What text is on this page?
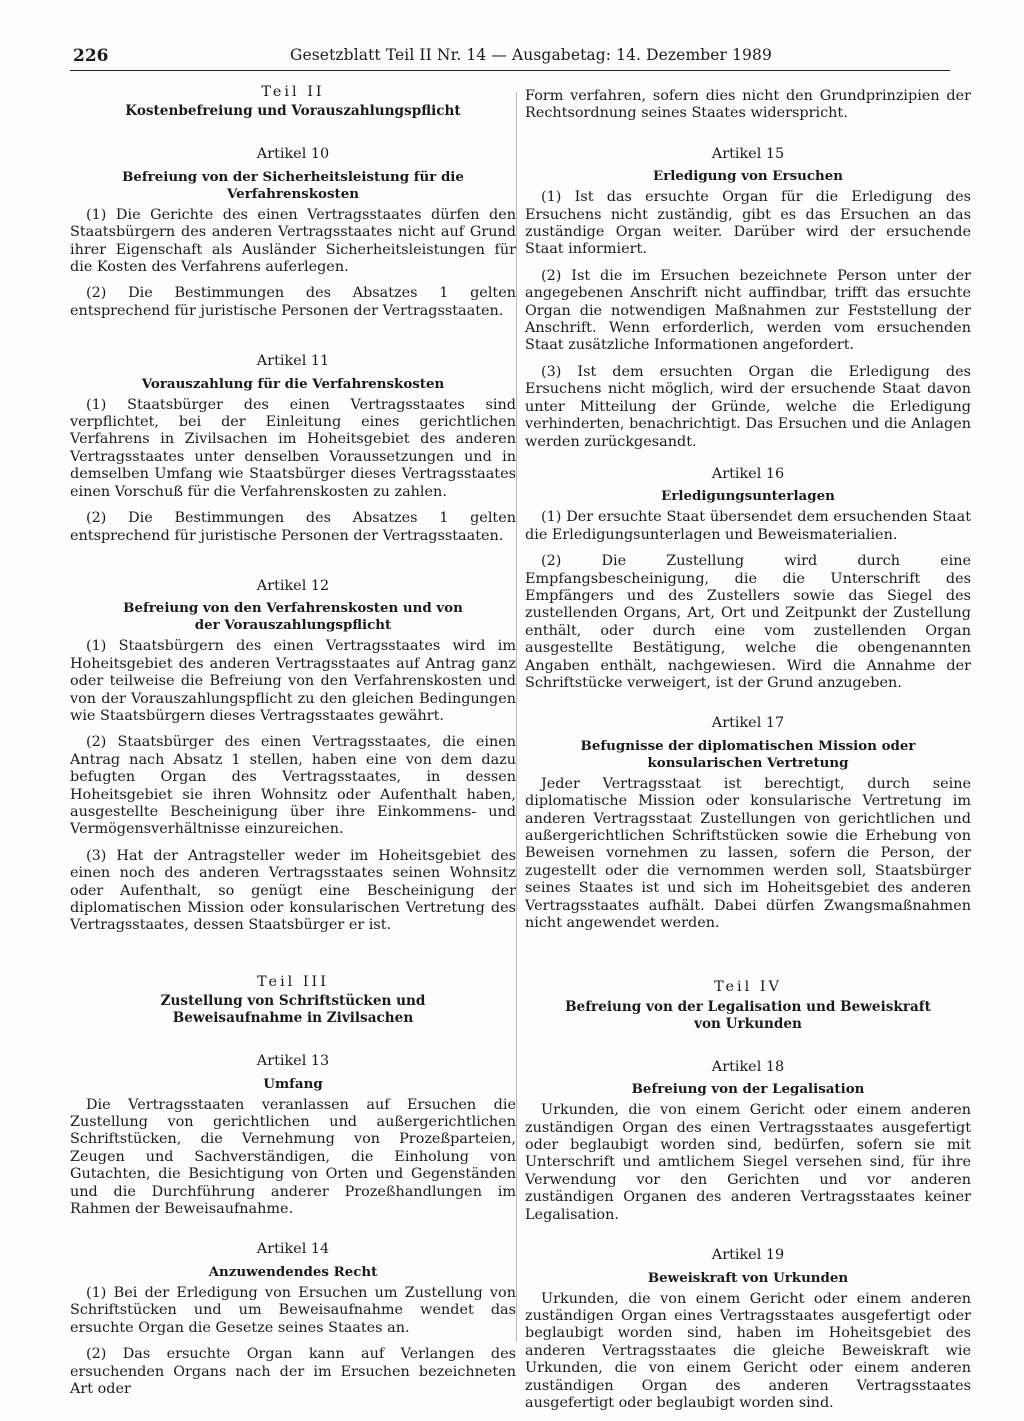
226	Gesetzblatt Teil II Nr. 14 — Ausgabetag: 14. Dezember 1989
Teil II
Kostenbefreiung und Vorauszahlungspflicht
Artikel 10
Befreiung von der Sicherheitsleistung für die Verfahrenskosten

(1) Die Gerichte des einen Vertragsstaates dürfen den Staatsbürgern des anderen Vertragsstaates nicht auf Grund ihrer Eigenschaft als Ausländer Sicherheitsleistungen für die Kosten des Verfahrens auferlegen.

(2) Die Bestimmungen des Absatzes 1 gelten entsprechend für juristische Personen der Vertragsstaaten.

Artikel 11
Vorauszahlung für die Verfahrenskosten

(1) Staatsbürger des einen Vertragsstaates sind verpflichtet, bei der Einleitung eines gerichtlichen Verfahrens in Zivilsachen im Hoheitsgebiet des anderen Vertragsstaates unter denselben Voraussetzungen und in demselben Umfang wie Staatsbürger dieses Vertragsstaates einen Vorschuß für die Verfahrenskosten zu zahlen.

(2) Die Bestimmungen des Absatzes 1 gelten entsprechend für juristische Personen der Vertragsstaaten.

Artikel 12
Befreiung von den Verfahrenskosten und von der Vorauszahlungspflicht

(1) Staatsbürgern des einen Vertragsstaates wird im Hoheitsgebiet des anderen Vertragsstaates auf Antrag ganz oder teilweise die Befreiung von den Verfahrenskosten und von der Vorauszahlungspflicht zu den gleichen Bedingungen wie Staatsbürgern dieses Vertragsstaates gewährt.

(2) Staatsbürger des einen Vertragsstaates, die einen Antrag nach Absatz 1 stellen, haben eine von dem dazu befugten Organ des Vertragsstaates, in dessen Hoheitsgebiet sie ihren Wohnsitz oder Aufenthalt haben, ausgestellte Bescheinigung über ihre Einkommens- und Vermögensverhältnisse einzureichen.

(3) Hat der Antragsteller weder im Hoheitsgebiet des einen noch des anderen Vertragsstaates seinen Wohnsitz oder Aufenthalt, so genügt eine Bescheinigung der diplomatischen Mission oder konsularischen Vertretung des Vertragsstaates, dessen Staatsbürger er ist.

Teil III
Zustellung von Schriftstücken und Beweisaufnahme in Zivilsachen
Artikel 13
Umfang

Die Vertragsstaaten veranlassen auf Ersuchen die Zustellung von gerichtlichen und außergerichtlichen Schriftstücken, die Vernehmung von Prozeßparteien, Zeugen und Sachverständigen, die Einholung von Gutachten, die Besichtigung von Orten und Gegenständen und die Durchführung anderer Prozeßhandlungen im Rahmen der Beweisaufnahme.

Artikel 14
Anzuwendendes Recht

(1) Bei der Erledigung von Ersuchen um Zustellung von Schriftstücken und um Beweisaufnahme wendet das ersuchte Organ die Gesetze seines Staates an.

(2) Das ersuchte Organ kann auf Verlangen des ersuchenden Organs nach der im Ersuchen bezeichneten Art oder

Form verfahren, sofern dies nicht den Grundprinzipien der Rechtsordnung seines Staates widerspricht.

Artikel 15
Erledigung von Ersuchen

(1) Ist das ersuchte Organ für die Erledigung des Ersuchens nicht zuständig, gibt es das Ersuchen an das zuständige Organ weiter. Darüber wird der ersuchende Staat informiert.

(2) Ist die im Ersuchen bezeichnete Person unter der angegebenen Anschrift nicht auffindbar, trifft das ersuchte Organ die notwendigen Maßnahmen zur Feststellung der Anschrift. Wenn erforderlich, werden vom ersuchenden Staat zusätzliche Informationen angefordert.

(3) Ist dem ersuchten Organ die Erledigung des Ersuchens nicht möglich, wird der ersuchende Staat davon unter Mitteilung der Gründe, welche die Erledigung verhinderten, benachrichtigt. Das Ersuchen und die Anlagen werden zurückgesandt.

Artikel 16
Erledigungsunterlagen

(1) Der ersuchte Staat übersendet dem ersuchenden Staat die Erledigungsunterlagen und Beweismaterialien.

(2) Die Zustellung wird durch eine Empfangsbescheinigung, die die Unterschrift des Empfängers und des Zustellers sowie das Siegel des zustellenden Organs, Art, Ort und Zeitpunkt der Zustellung enthält, oder durch eine vom zustellenden Organ ausgestellte Bestätigung, welche die obengenannten Angaben enthält, nachgewiesen. Wird die Annahme der Schriftstücke verweigert, ist der Grund anzugeben.

Artikel 17
Befugnisse der diplomatischen Mission oder konsularischen Vertretung

Jeder Vertragsstaat ist berechtigt, durch seine diplomatische Mission oder konsularische Vertretung im anderen Vertragsstaat Zustellungen von gerichtlichen und außergerichtlichen Schriftstücken sowie die Erhebung von Beweisen vornehmen zu lassen, sofern die Person, der zugestellt oder die vernommen werden soll, Staatsbürger seines Staates ist und sich im Hoheitsgebiet des anderen Vertragsstaates aufhält. Dabei dürfen Zwangsmaßnahmen nicht angewendet werden.

Teil IV
Befreiung von der Legalisation und Beweiskraft von Urkunden
Artikel 18
Befreiung von der Legalisation

Urkunden, die von einem Gericht oder einem anderen zuständigen Organ des einen Vertragsstaates ausgefertigt oder beglaubigt worden sind, bedürfen, sofern sie mit Unterschrift und amtlichem Siegel versehen sind, für ihre Verwendung vor den Gerichten und vor anderen zuständigen Organen des anderen Vertragsstaates keiner Legalisation.

Artikel 19
Beweiskraft von Urkunden

Urkunden, die von einem Gericht oder einem anderen zuständigen Organ eines Vertragsstaates ausgefertigt oder beglaubigt worden sind, haben im Hoheitsgebiet des anderen Vertragsstaates die gleiche Beweiskraft wie Urkunden, die von einem Gericht oder einem anderen zuständigen Organ des anderen Vertragsstaates ausgefertigt oder beglaubigt worden sind.
